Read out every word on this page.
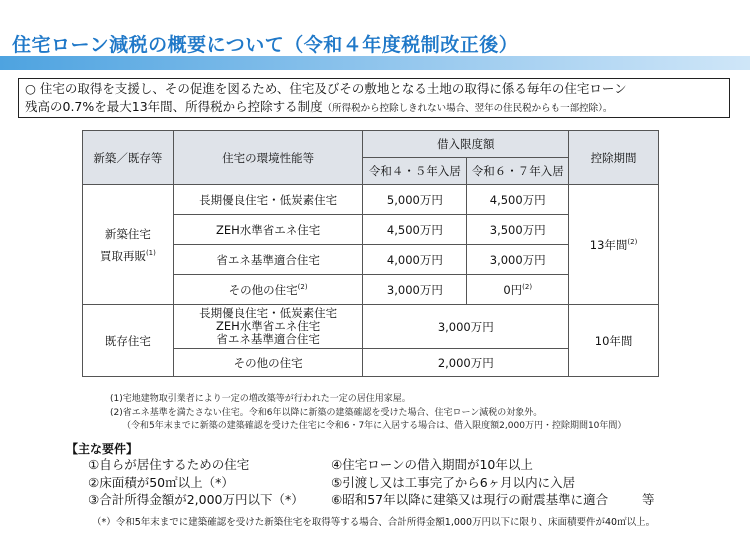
住宅ローン減税の概要について（令和４年度税制改正後）
○ 住宅の取得を支援し、その促進を図るため、住宅及びその敷地となる土地の取得に係る毎年の住宅ローン
残高の0.7%を最大13年間、所得税から控除する制度（所得税から控除しきれない場合、翌年の住民税からも一部控除）。
新築／既存等	住宅の環境性能等	借入限度額		控除期間
		令和４・５年入居	令和６・７年入居	

新築住宅
買取再販$^{(1)}$	長期優良住宅・低炭素住宅	5,000万円	4,500万円	13年間$^{(2)}$
	ZEH水準省エネ住宅	4,500万円	3,500万円	
	省エネ基準適合住宅	4,000万円	3,000万円	
	その他の住宅$^{(2)}$	3,000万円	0円$^{(2)}$
既存住宅	長期優良住宅・低炭素住宅
ZEH水準省エネ住宅
省エネ基準適合住宅	3,000万円		10年間
	その他の住宅	2,000万円		
(1)宅地建物取引業者により一定の増改築等が行われた一定の居住用家屋。
(2)省エネ基準を満たさない住宅。令和6年以降に新築の建築確認を受けた場合、住宅ローン減税の対象外。
（令和5年末までに新築の建築確認を受けた住宅に令和6・7年に入居する場合は、借入限度額2,000万円・控除期間10年間）
【主な要件】
①自らが居住するための住宅
②床面積が50㎡以上（*）
③合計所得金額が2,000万円以下（*）
④住宅ローンの借入期間が10年以上
⑤引渡し又は工事完了から6ヶ月以内に入居
⑥昭和57年以降に建築又は現行の耐震基準に適合	等
（*）令和5年末までに建築確認を受けた新築住宅を取得等する場合、合計所得金額1,000万円以下に限り、床面積要件が40㎡以上。
